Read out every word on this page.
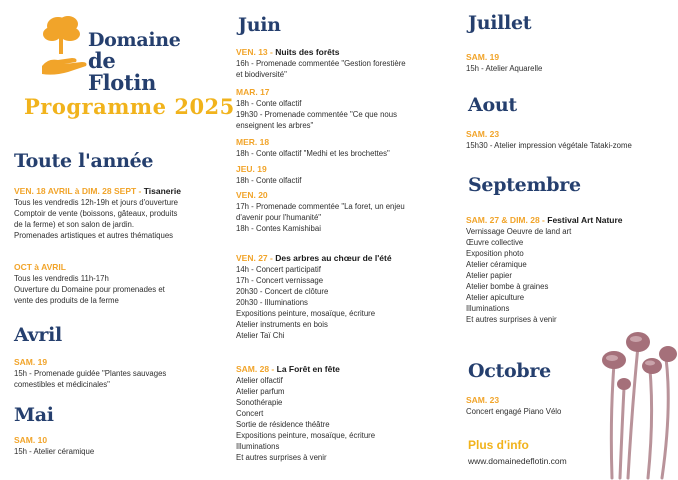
Domaine
de Flotin
Programme 2025
Toute l'année
VEN. 18 AVRIL à DIM. 28 SEPT - Tisanerie
Tous les vendredis 12h-19h et jours d'ouverture
Comptoir de vente (boissons, gâteaux, produits
de la ferme) et son salon de jardin.
Promenades artistiques et autres thématiques
OCT à AVRIL
Tous les vendredis 11h-17h
Ouverture du Domaine pour promenades et
vente des produits de la ferme
Avril
SAM. 19
15h - Promenade guidée "Plantes sauvages
comestibles et médicinales"
Mai
SAM. 10
15h - Atelier céramique
Juin
VEN. 13 - Nuits des forêts
16h - Promenade commentée "Gestion forestière
et biodiversité"
MAR. 17
18h - Conte olfactif
19h30 - Promenade commentée "Ce que nous
enseignent les arbres"
MER. 18
18h - Conte olfactif "Medhi et les brochettes"
JEU. 19
18h - Conte olfactif
VEN. 20
17h - Promenade commentée "La foret, un enjeu
d'avenir pour l'humanité"
18h - Contes Kamishibai
VEN. 27 - Des arbres au chœur de l'été
14h - Concert participatif
17h - Concert vernissage
20h30 - Concert de clôture
20h30 - Illuminations
Expositions peinture, mosaïque, écriture
Atelier instruments en bois
Atelier Taï Chi
SAM. 28 - La Forêt en fête
Atelier olfactif
Atelier parfum
Sonothérapie
Concert
Sortie de résidence théâtre
Expositions peinture, mosaïque, écriture
Illuminations
Et autres surprises à venir
Juillet
SAM. 19
15h - Atelier Aquarelle
Aout
SAM. 23
15h30 - Atelier impression végétale Tataki-zome
Septembre
SAM. 27 & DIM. 28 - Festival Art Nature
Vernissage Oeuvre de land art
Œuvre collective
Exposition photo
Atelier céramique
Atelier papier
Atelier bombe à graines
Atelier apiculture
Illuminations
Et autres surprises à venir
Octobre
SAM. 23
Concert engagé Piano Vélo
Plus d'info
www.domainedeflotin.com
